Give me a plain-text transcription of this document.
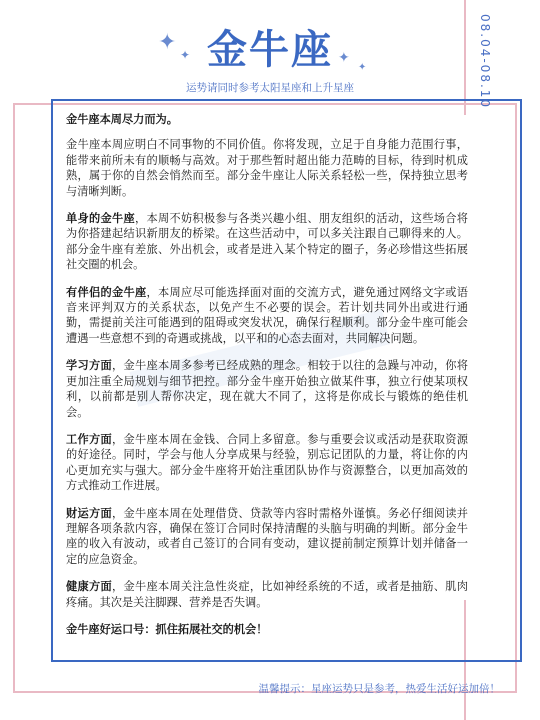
08.04-08.10
✦ ✦	✦
✦
金牛座
运势请同时参考太阳星座和上升星座

金牛座本周尽力而为。

金牛座本周应明白不同事物的不同价值。你将发现，立足于自身能力范围行事，能带来前所未有的顺畅与高效。对于那些暂时超出能力范畴的目标，待到时机成熟，属于你的自然会悄然而至。部分金牛座让人际关系轻松一些，保持独立思考与清晰判断。

单身的金牛座，本周不妨积极参与各类兴趣小组、朋友组织的活动，这些场合将为你搭建起结识新朋友的桥梁。在这些活动中，可以多关注跟自己聊得来的人。部分金牛座有差旅、外出机会，或者是进入某个特定的圈子，务必珍惜这些拓展社交圈的机会。

有伴侣的金牛座，本周应尽可能选择面对面的交流方式，避免通过网络文字或语音来评判双方的关系状态，以免产生不必要的误会。若计划共同外出或进行通勤，需提前关注可能遇到的阻碍或突发状况，确保行程顺利。部分金牛座可能会遭遇一些意想不到的奇遇或挑战，以平和的心态去面对，共同解决问题。

学习方面，金牛座本周多参考已经成熟的理念。相较于以往的急躁与冲动，你将更加注重全局规划与细节把控。部分金牛座开始独立做某件事，独立行使某项权利，以前都是别人帮你决定，现在就大不同了，这将是你成长与锻炼的绝佳机会。

工作方面，金牛座本周在金钱、合同上多留意。参与重要会议或活动是获取资源的好途径。同时，学会与他人分享成果与经验，别忘记团队的力量，将让你的内心更加充实与强大。部分金牛座将开始注重团队协作与资源整合，以更加高效的方式推动工作进展。

财运方面，金牛座本周在处理借贷、贷款等内容时需格外谨慎。务必仔细阅读并理解各项条款内容，确保在签订合同时保持清醒的头脑与明确的判断。部分金牛座的收入有波动，或者自己签订的合同有变动，建议提前制定预算计划并储备一定的应急资金。

健康方面，金牛座本周关注急性炎症，比如神经系统的不适，或者是抽筋、肌肉疼痛。其次是关注脚踝、营养是否失调。

金牛座好运口号：抓住拓展社交的机会！

温馨提示：星座运势只是参考，热爱生活好运加倍！
